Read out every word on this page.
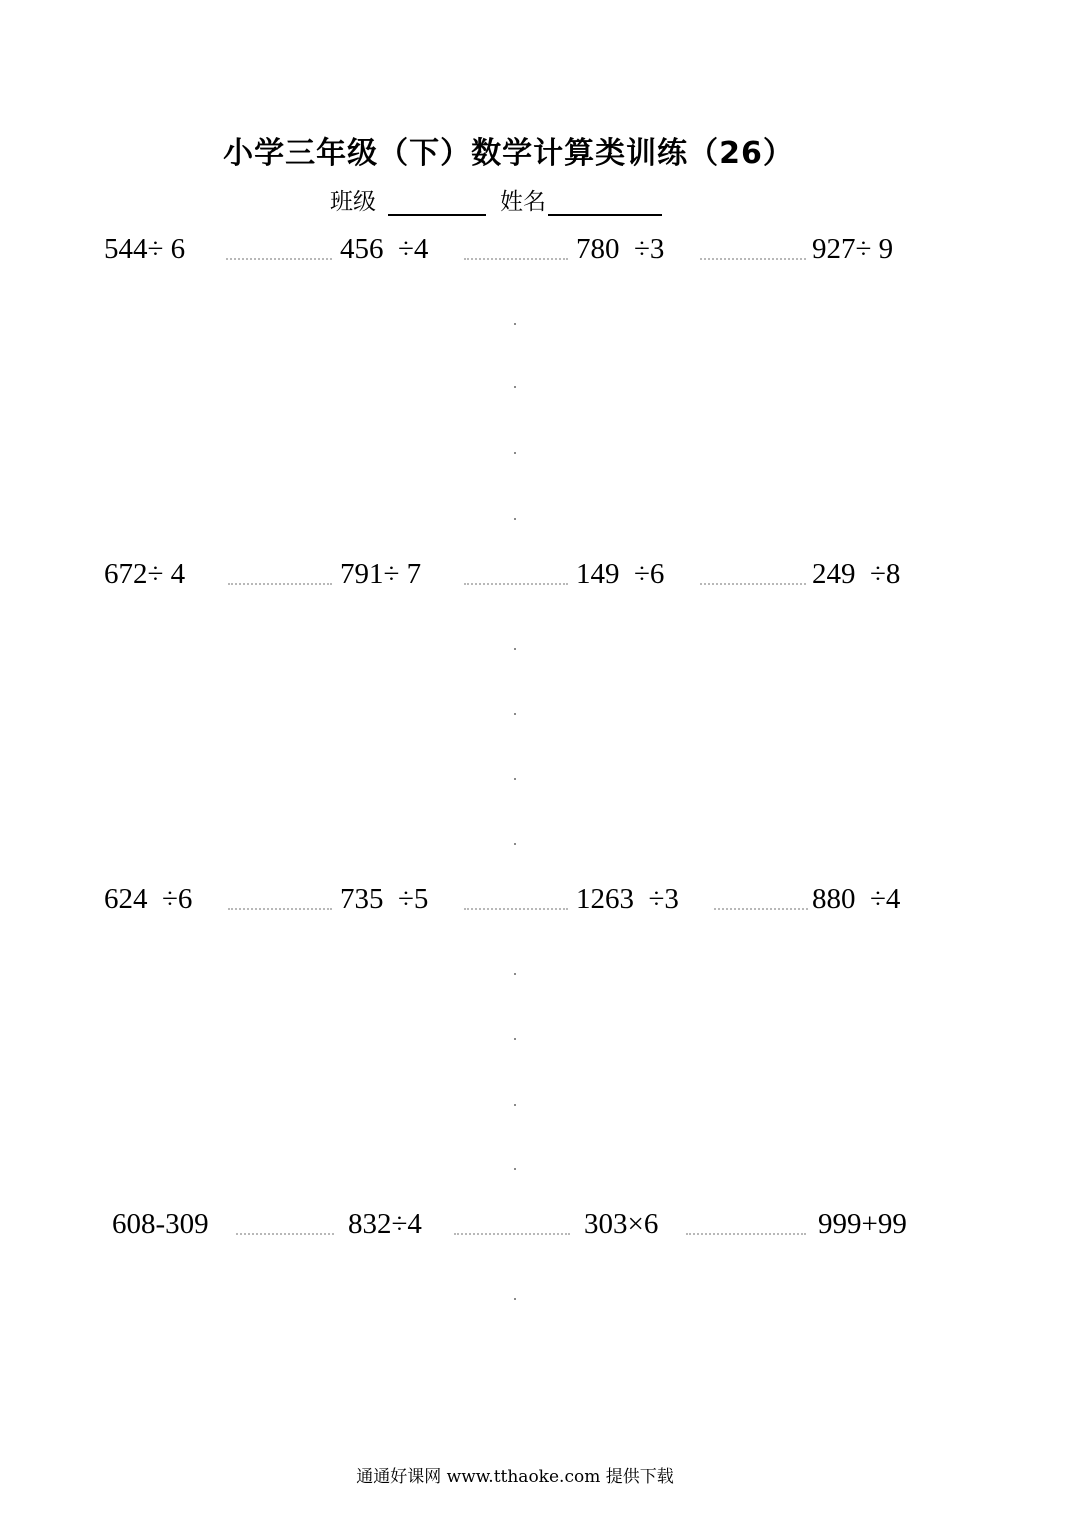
小学三年级（下）数学计算类训练（26）
班级	姓名
544÷ 6	456  ÷4	780  ÷3	927÷ 9
672÷ 4	791÷ 7	149  ÷6	249  ÷8
624  ÷6	735  ÷5	1263  ÷3	880  ÷4
608-309	832÷4	303×6	999+99
通通好课网 www.tthaoke.com 提供下载
